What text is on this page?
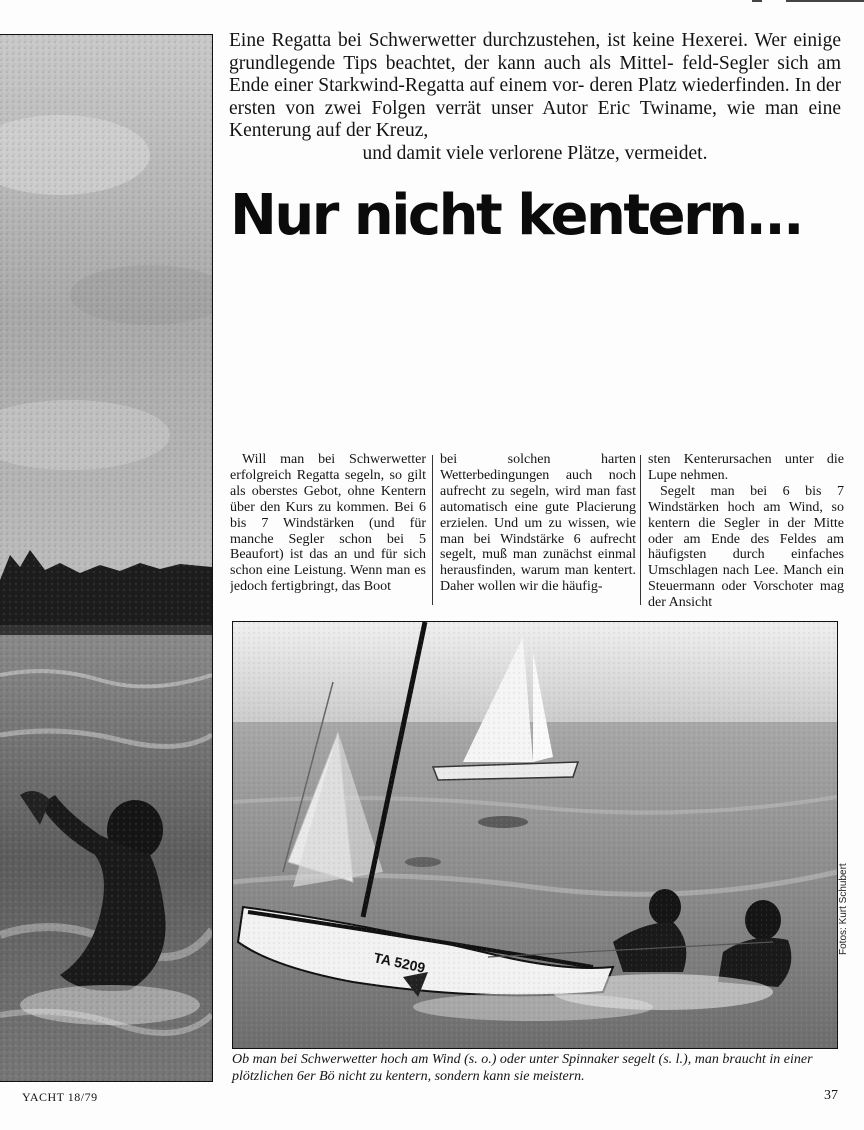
Eine Regatta bei Schwerwetter durchzustehen, ist keine Hexerei. Wer einige grundlegende Tips beachtet, der kann auch als Mittel- feld-Segler sich am Ende einer Starkwind-Regatta auf einem vor- deren Platz wiederfinden. In der ersten von zwei Folgen verrät unser Autor Eric Twiname, wie man eine Kenterung auf der Kreuz,
und damit viele verlorene Plätze, vermeidet.
Nur nicht kentern...

Will man bei Schwerwetter erfolgreich Regatta segeln, so gilt als oberstes Gebot, ohne Kentern über den Kurs zu kommen. Bei 6 bis 7 Windstärken (und für manche Segler schon bei 5 Beaufort) ist das an und für sich schon eine Leistung. Wenn man es jedoch fertigbringt, das Boot

bei solchen harten Wetterbedingungen auch noch aufrecht zu segeln, wird man fast automatisch eine gute Placierung erzielen. Und um zu wissen, wie man bei Windstärke 6 aufrecht segelt, muß man zunächst einmal herausfinden, warum man kentert. Daher wollen wir die häufig-

sten Kenterursachen unter die Lupe nehmen.

Segelt man bei 6 bis 7 Windstärken hoch am Wind, so kentern die Segler in der Mitte oder am Ende des Feldes am häufigsten durch einfaches Umschlagen nach Lee. Manch ein Steuermann oder Vorschoter mag der Ansicht

Fotos: Kurt Schubert
Ob man bei Schwerwetter hoch am Wind (s. o.) oder unter Spinnaker segelt (s. l.), man braucht in einer plötzlichen 6er Bö nicht zu kentern, sondern kann sie meistern.
YACHT 18/79	37
